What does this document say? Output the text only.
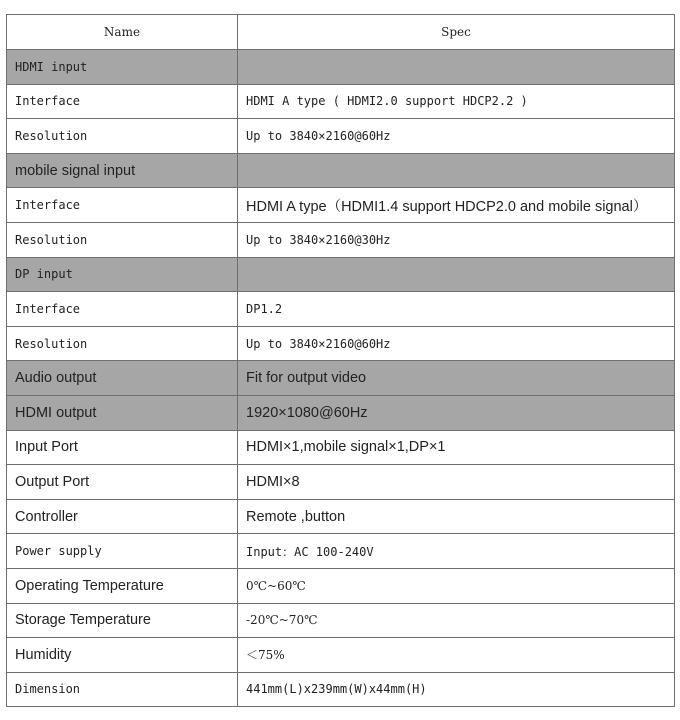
Name	Spec
HDMI input	
Interface	HDMI A type ( HDMI2.0 support HDCP2.2 )
Resolution	Up to 3840×2160@60Hz
mobile signal input	
Interface	HDMI A type（HDMI1.4 support HDCP2.0 and mobile signal）
Resolution	Up to 3840×2160@30Hz
DP input	
Interface	DP1.2
Resolution	Up to 3840×2160@60Hz
Audio output	Fit for output video
HDMI output	1920×1080@60Hz
Input Port	HDMI×1,mobile signal×1,DP×1
Output Port	HDMI×8
Controller	Remote ,button
Power supply	Input：AC 100-240V
Operating Temperature	0℃~60℃
Storage Temperature	-20℃~70℃
Humidity	＜75%
Dimension	441mm(L)x239mm(W)x44mm(H)
